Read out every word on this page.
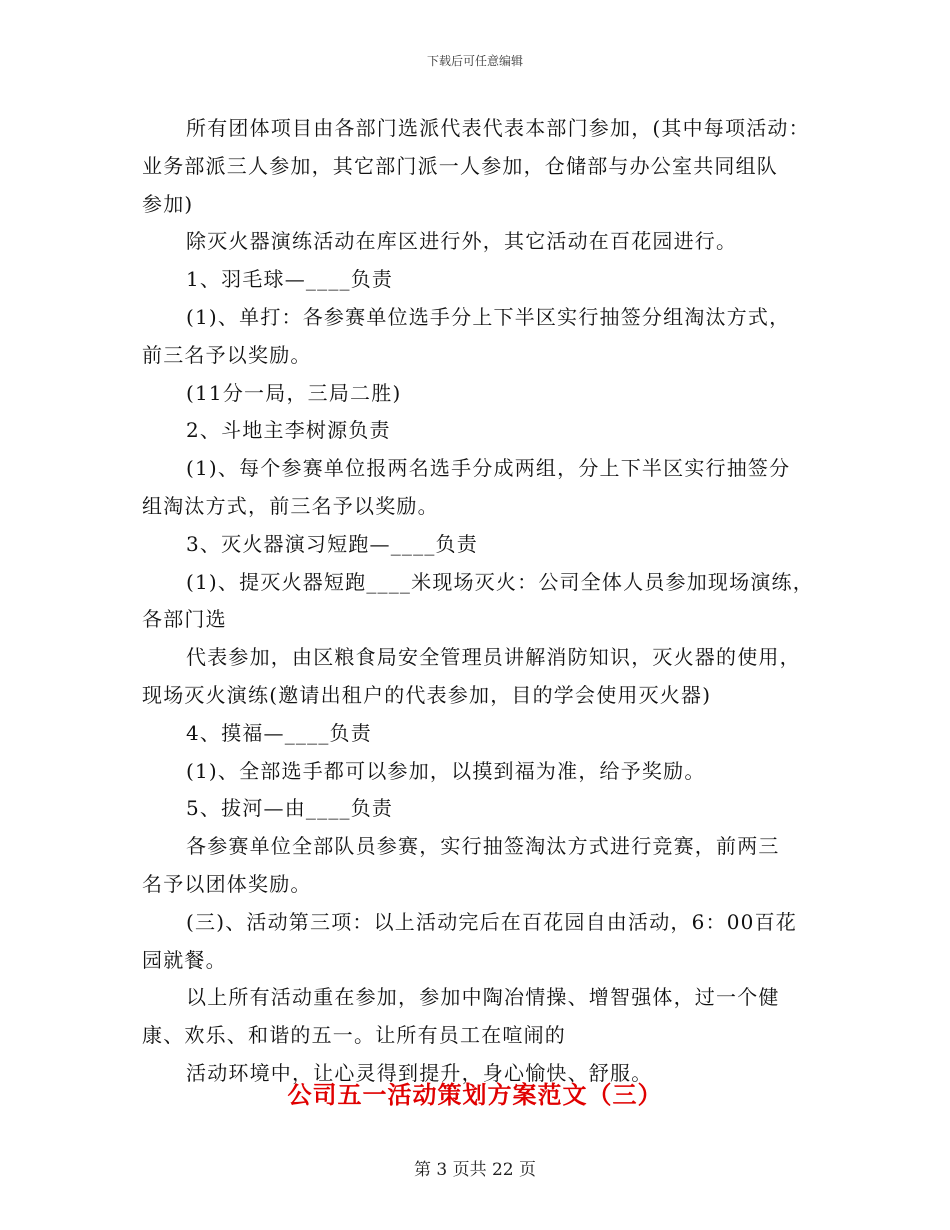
下载后可任意编辑
所有团体项目由各部门选派代表代表本部门参加，(其中每项活动：
业务部派三人参加，其它部门派一人参加，仓储部与办公室共同组队
参加)
除灭火器演练活动在库区进行外，其它活动在百花园进行。
1、羽毛球—____负责
(1)、单打：各参赛单位选手分上下半区实行抽签分组淘汰方式，
前三名予以奖励。
(11分一局，三局二胜)
2、斗地主李树源负责
(1)、每个参赛单位报两名选手分成两组，分上下半区实行抽签分
组淘汰方式，前三名予以奖励。
3、灭火器演习短跑—____负责
(1)、提灭火器短跑____米现场灭火：公司全体人员参加现场演练，
各部门选
代表参加，由区粮食局安全管理员讲解消防知识，灭火器的使用，
现场灭火演练(邀请出租户的代表参加，目的学会使用灭火器)
4、摸福—____负责
(1)、全部选手都可以参加，以摸到福为准，给予奖励。
5、拔河—由____负责
各参赛单位全部队员参赛，实行抽签淘汰方式进行竞赛，前两三
名予以团体奖励。
(三)、活动第三项：以上活动完后在百花园自由活动，6：00百花
园就餐。
以上所有活动重在参加，参加中陶冶情操、增智强体，过一个健
康、欢乐、和谐的五一。让所有员工在喧闹的
活动环境中，让心灵得到提升，身心愉快、舒服。
公司五一活动策划方案范文（三）
第 3 页共 22 页
